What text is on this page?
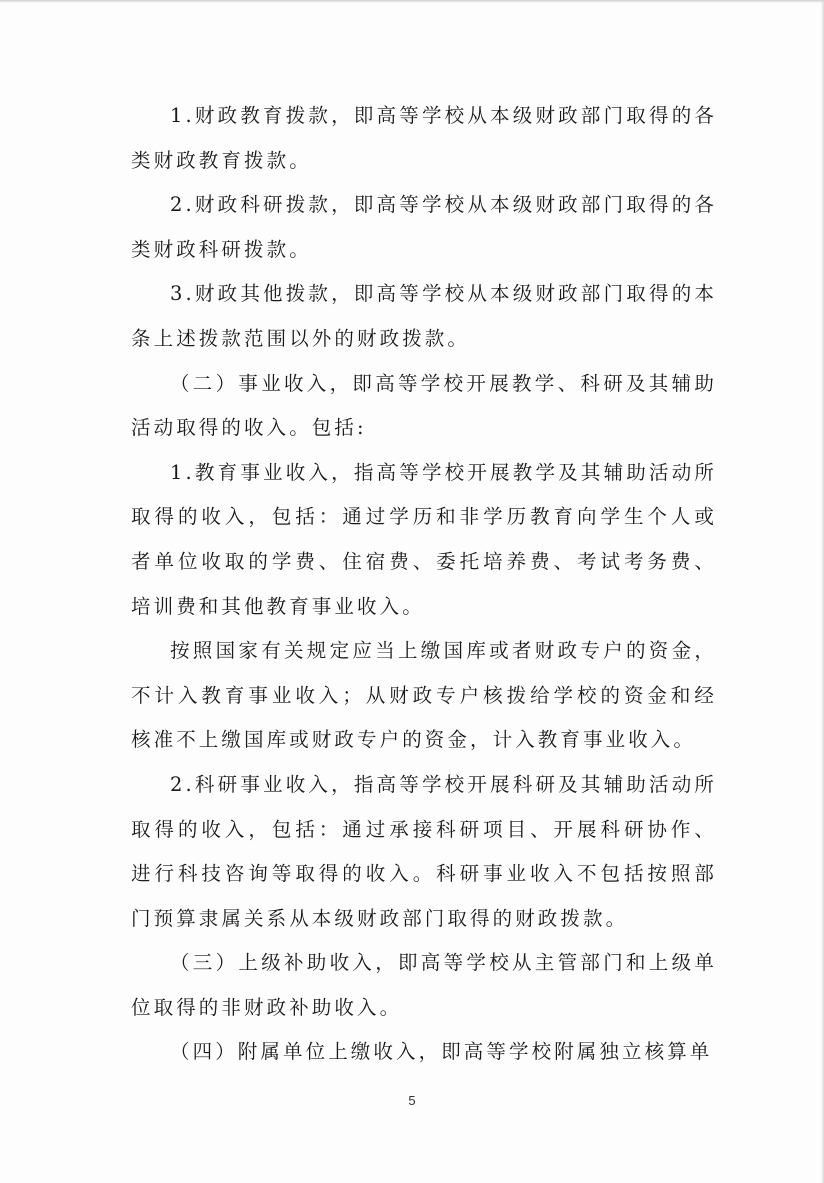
1.财政教育拨款，即高等学校从本级财政部门取得的各类财政教育拨款。

2.财政科研拨款，即高等学校从本级财政部门取得的各类财政科研拨款。

3.财政其他拨款，即高等学校从本级财政部门取得的本条上述拨款范围以外的财政拨款。

（二）事业收入，即高等学校开展教学、科研及其辅助活动取得的收入。包括:

1.教育事业收入，指高等学校开展教学及其辅助活动所取得的收入，包括：通过学历和非学历教育向学生个人或者单位收取的学费、住宿费、委托培养费、考试考务费、培训费和其他教育事业收入。

按照国家有关规定应当上缴国库或者财政专户的资金，不计入教育事业收入；从财政专户核拨给学校的资金和经核准不上缴国库或财政专户的资金，计入教育事业收入。

2.科研事业收入，指高等学校开展科研及其辅助活动所取得的收入，包括：通过承接科研项目、开展科研协作、进行科技咨询等取得的收入。科研事业收入不包括按照部门预算隶属关系从本级财政部门取得的财政拨款。

（三）上级补助收入，即高等学校从主管部门和上级单位取得的非财政补助收入。

（四）附属单位上缴收入，即高等学校附属独立核算单

5
